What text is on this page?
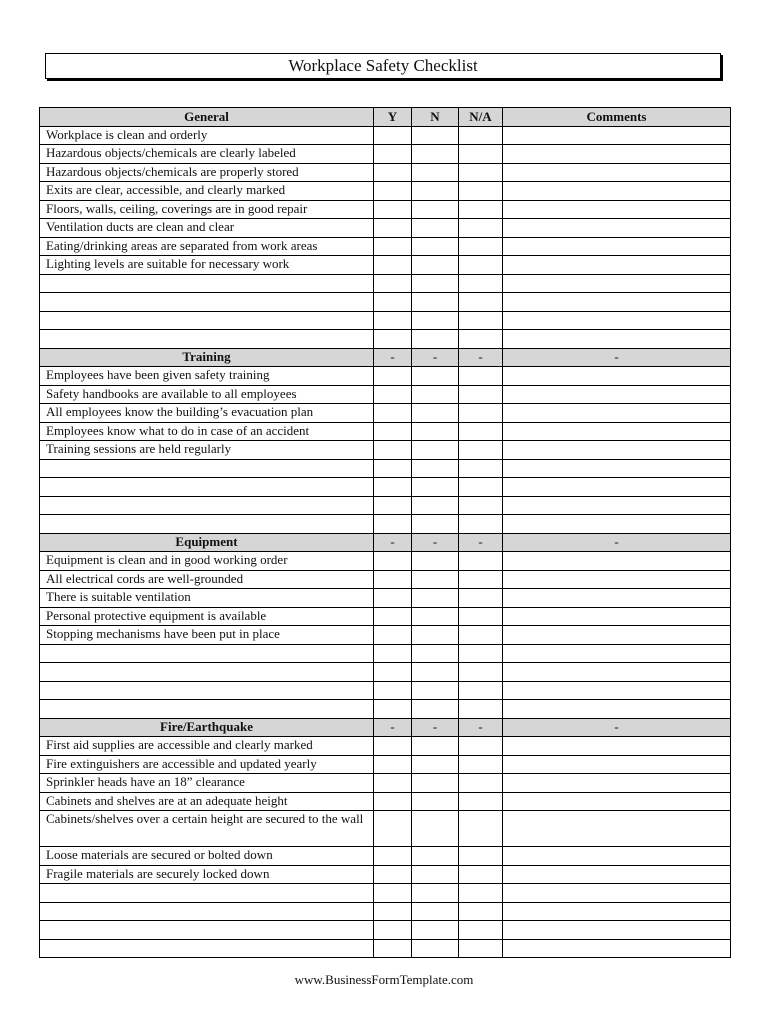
Workplace Safety Checklist
General	Y	N	N/A	Comments
Workplace is clean and orderly				
Hazardous objects/chemicals are clearly labeled				
Hazardous objects/chemicals are properly stored				
Exits are clear, accessible, and clearly marked				
Floors, walls, ceiling, coverings are in good repair				
Ventilation ducts are clean and clear				
Eating/drinking areas are separated from work areas				
Lighting levels are suitable for necessary work				

Training	-	-	-	-
Employees have been given safety training				
Safety handbooks are available to all employees				
All employees know the building’s evacuation plan				
Employees know what to do in case of an accident				
Training sessions are held regularly				

Equipment	-	-	-	-
Equipment is clean and in good working order				
All electrical cords are well-grounded				
There is suitable ventilation				
Personal protective equipment is available				
Stopping mechanisms have been put in place				

Fire/Earthquake	-	-	-	-
First aid supplies are accessible and clearly marked				
Fire extinguishers are accessible and updated yearly				
Sprinkler heads have an 18” clearance				
Cabinets and shelves are at an adequate height				
Cabinets/shelves over a certain height are secured to the wall				
Loose materials are secured or bolted down				
Fragile materials are securely locked down				

www.BusinessFormTemplate.com
